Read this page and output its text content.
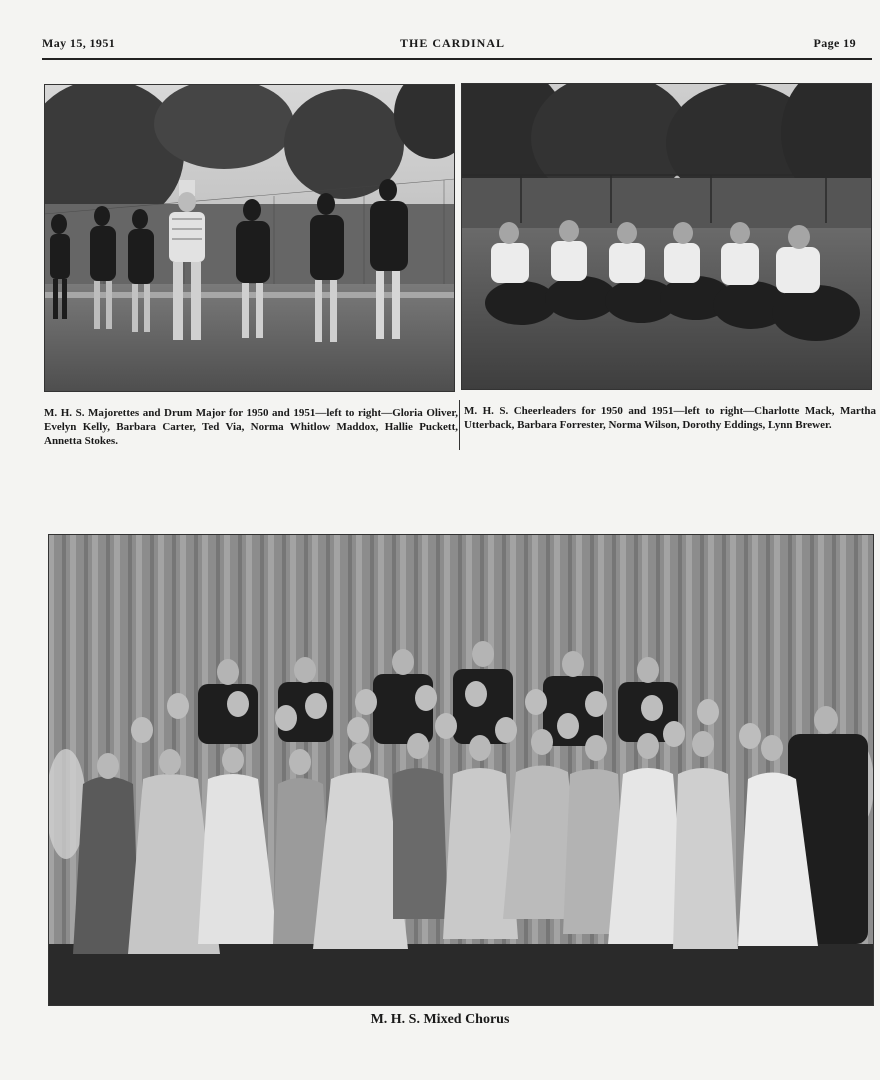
May 15, 1951	THE CARDINAL	Page 19
M. H. S. Majorettes and Drum Major for 1950 and 1951—left to right—Gloria Oliver, Evelyn Kelly, Barbara Carter, Ted Via, Norma Whitlow Maddox, Hallie Puckett, Annetta Stokes.
M. H. S. Cheerleaders for 1950 and 1951—left to right—Charlotte Mack, Martha Utterback, Barbara Forrester, Norma Wilson, Dorothy Eddings, Lynn Brewer.
M. H. S. Mixed Chorus
